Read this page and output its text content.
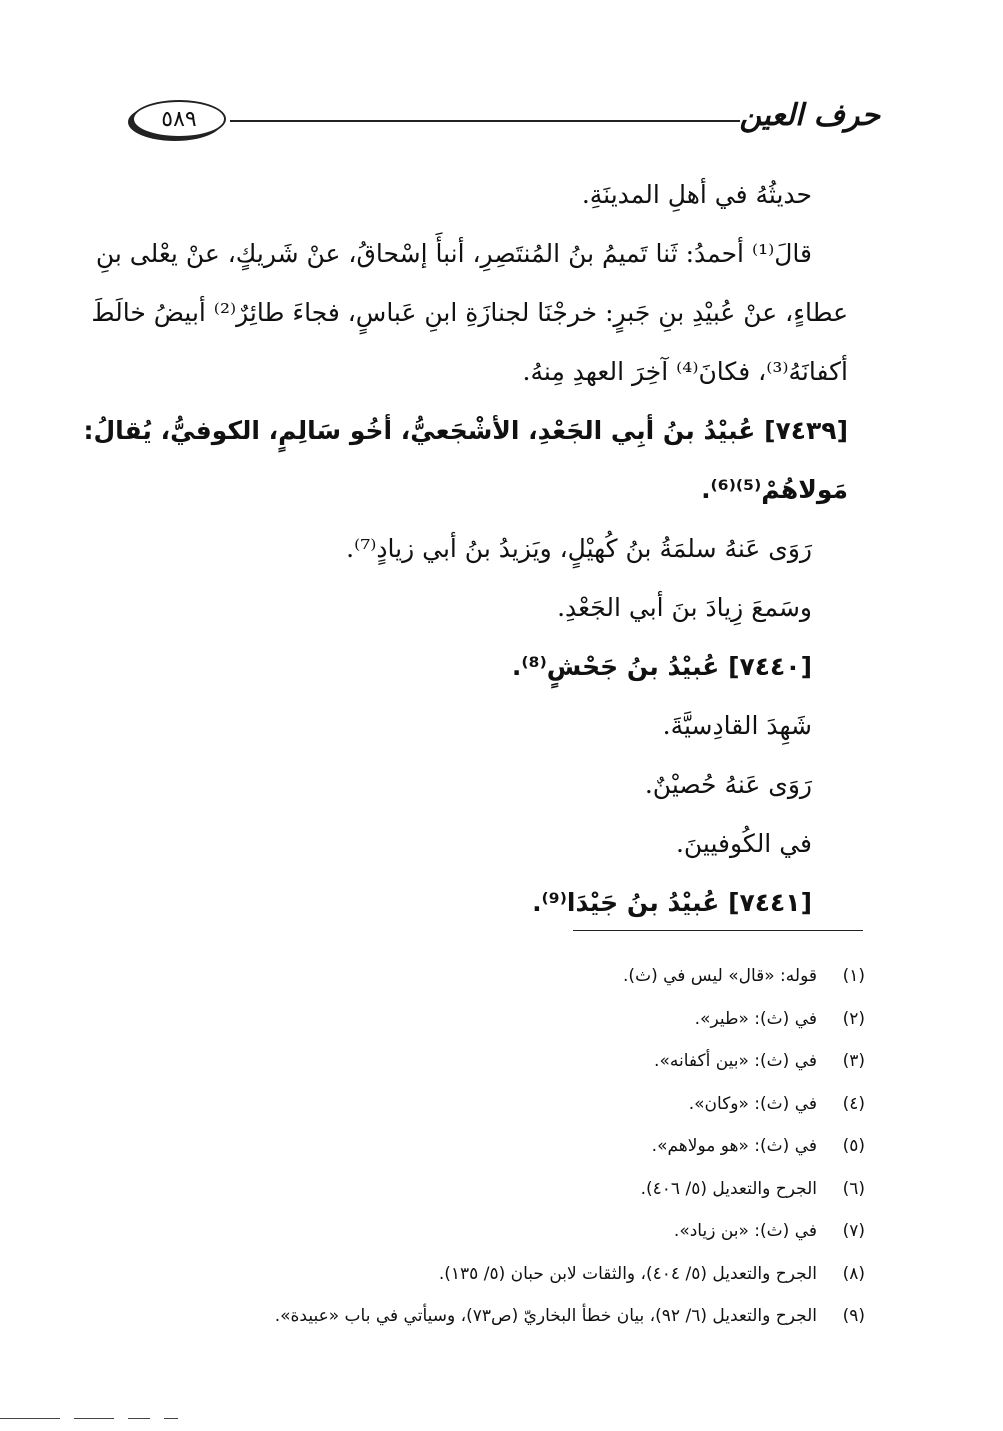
حرف العين
٥٨٩
حديثُهُ في أهلِ المدينَةِ.
قالَ⁽¹⁾ أحمدُ: ثَنا تَميمُ بنُ المُنتَصِرِ، أنبأَ إسْحاقُ، عنْ شَريكٍ، عنْ يعْلى بنِ
عطاءٍ، عنْ عُبيْدِ بنِ جَبرٍ: خرجْنَا لجنازَةِ ابنِ عَباسٍ، فجاءَ طائِرٌ⁽²⁾ أبيضُ خالَطَ
أكفانَهُ⁽³⁾، فكانَ⁽⁴⁾ آخِرَ العهدِ مِنهُ.
[٧٤٣٩] عُبيْدُ بنُ أبِي الجَعْدِ، الأشْجَعيُّ، أخُو سَالِمٍ، الكوفيُّ، يُقالُ:
مَولاهُمْ⁽⁵⁾⁽⁶⁾.
رَوَى عَنهُ سلمَةُ بنُ كُهيْلٍ، ويَزيدُ بنُ أبي زيادٍ⁽⁷⁾.
وسَمعَ زِيادَ بنَ أبي الجَعْدِ.
[٧٤٤٠] عُبيْدُ بنُ جَحْشٍ⁽⁸⁾.
شَهِدَ القادِسيَّةَ.
رَوَى عَنهُ حُصيْنٌ.
في الكُوفيينَ.
[٧٤٤١] عُبيْدُ بنُ جَيْدَا⁽⁹⁾.
(١)
قوله: «قال» ليس في (ث).
(٢)
في (ث): «طير».
(٣)
في (ث): «بين أكفانه».
(٤)
في (ث): «وكان».
(٥)
في (ث): «هو مولاهم».
(٦)
الجرح والتعديل (٥/ ٤٠٦).
(٧)
في (ث): «بن زياد».
(٨)
الجرح والتعديل (٥/ ٤٠٤)، والثقات لابن حبان (٥/ ١٣٥).
(٩)
الجرح والتعديل (٦/ ٩٢)، بيان خطأ البخاريّ (ص٧٣)، وسيأتي في باب «عبيدة».
